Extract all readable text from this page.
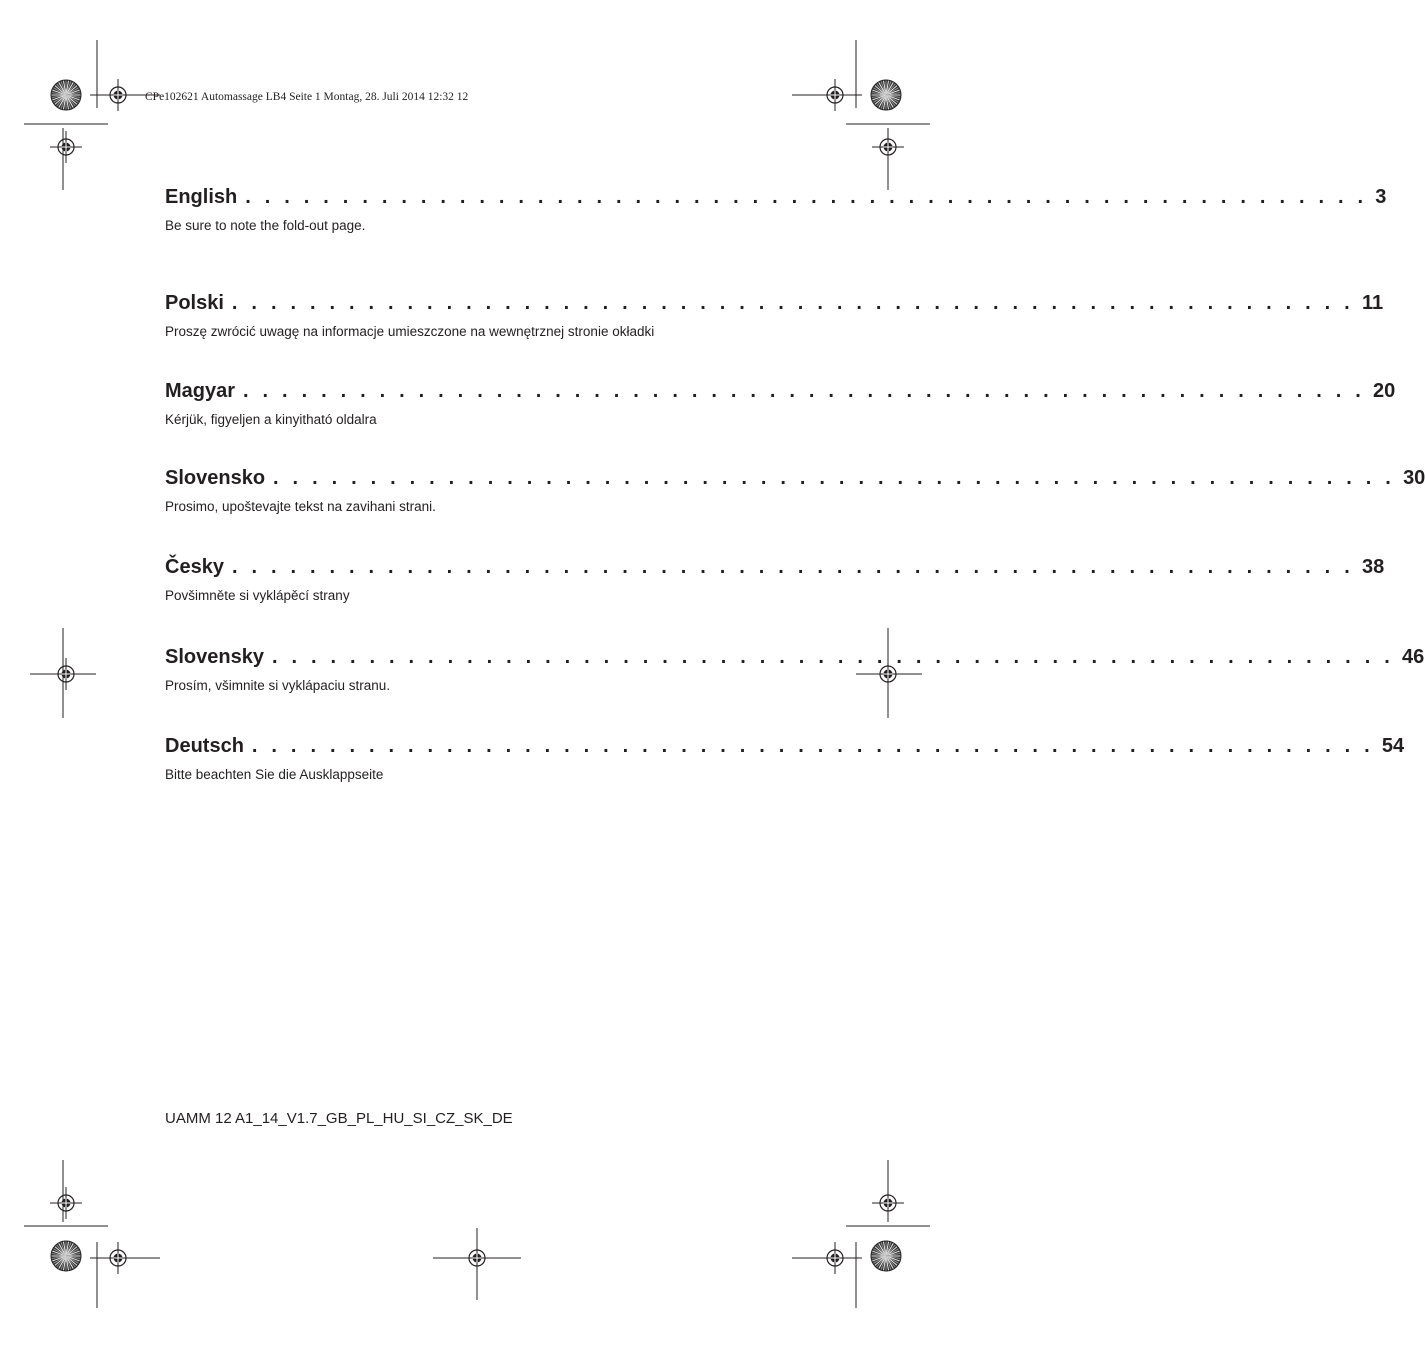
CPe102621 Automassage LB4 Seite 1 Montag, 28. Juli 2014 12:32 12
English . . . . . . . . . . . . . . . . . . . . . . . . . . . . . . . . . . . . . . . . . . . . . . . . . . . . . . . . . . 3
Be sure to note the fold-out page.
Polski . . . . . . . . . . . . . . . . . . . . . . . . . . . . . . . . . . . . . . . . . . . . . . . . . . . . . . . . . . 11
Proszę zwrócić uwagę na informacje umieszczone na wewnętrznej stronie okładki
Magyar . . . . . . . . . . . . . . . . . . . . . . . . . . . . . . . . . . . . . . . . . . . . . . . . . . . . . . . . . . 20
Kérjük, figyeljen a kinyitható oldalra
Slovensko . . . . . . . . . . . . . . . . . . . . . . . . . . . . . . . . . . . . . . . . . . . . . . . . . . . . . . . . . . 30
Prosimo, upoštevajte tekst na zavihani strani.
Česky . . . . . . . . . . . . . . . . . . . . . . . . . . . . . . . . . . . . . . . . . . . . . . . . . . . . . . . . . . 38
Povšimněte si vyklápěcí strany
Slovensky . . . . . . . . . . . . . . . . . . . . . . . . . . . . . . . . . . . . . . . . . . . . . . . . . . . . . . . . . . 46
Prosím, všimnite si vyklápaciu stranu.
Deutsch . . . . . . . . . . . . . . . . . . . . . . . . . . . . . . . . . . . . . . . . . . . . . . . . . . . . . . . . . . 54
Bitte beachten Sie die Ausklappseite
UAMM 12 A1_14_V1.7_GB_PL_HU_SI_CZ_SK_DE
